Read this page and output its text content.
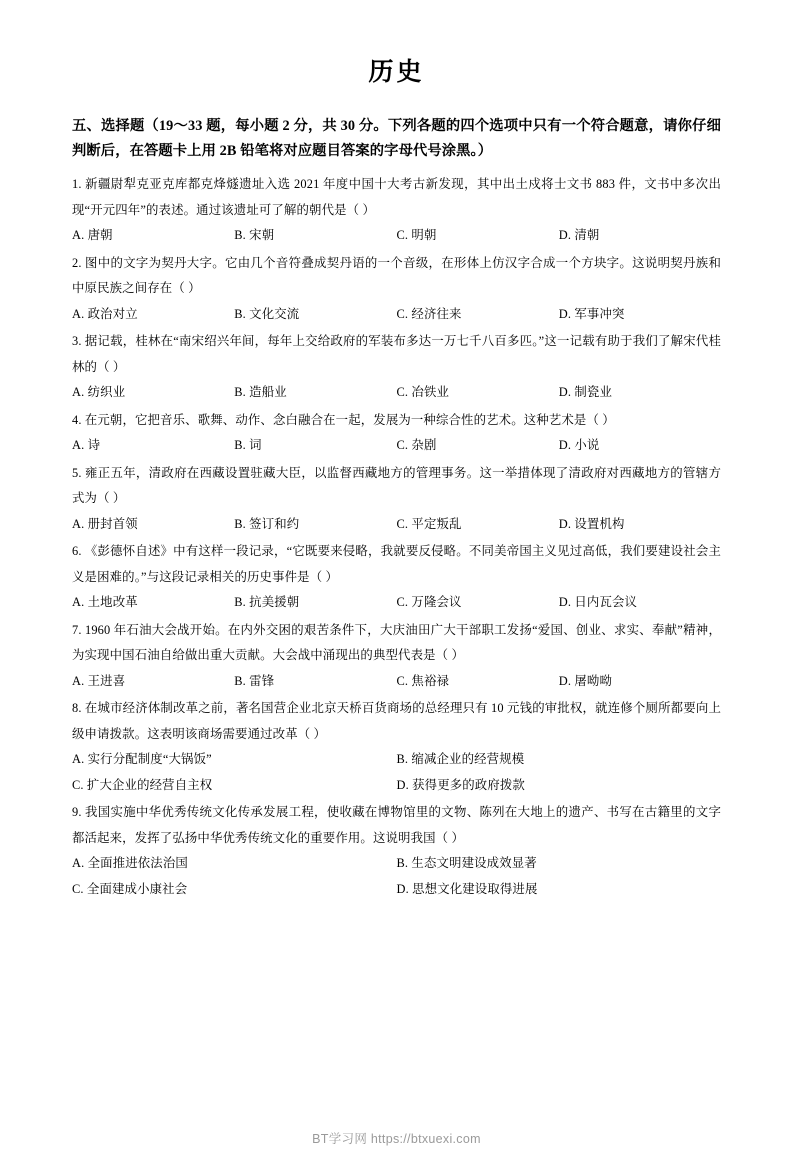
历史
五、选择题（19～33 题，每小题 2 分，共 30 分。下列各题的四个选项中只有一个符合题意，请你仔细判断后，在答题卡上用 2B 铅笔将对应题目答案的字母代号涂黑。）
1. 新疆尉犁克亚克库都克烽燧遗址入选 2021 年度中国十大考古新发现，其中出土戍将士文书 883 件，文书中多次出现“开元四年”的表述。通过该遗址可了解的朝代是（ ）
A. 唐朝	B. 宋朝	C. 明朝	D. 清朝
2. 图中的文字为契丹大字。它由几个音符叠成契丹语的一个音级，在形体上仿汉字合成一个方块字。这说明契丹族和中原民族之间存在（ ）
A. 政治对立	B. 文化交流	C. 经济往来	D. 军事冲突
3. 据记载，桂林在“南宋绍兴年间，每年上交给政府的军装布多达一万七千八百多匹。”这一记载有助于我们了解宋代桂林的（ ）
A. 纺织业	B. 造船业	C. 冶铁业	D. 制瓷业
4. 在元朝，它把音乐、歌舞、动作、念白融合在一起，发展为一种综合性的艺术。这种艺术是（ ）
A. 诗	B. 词	C. 杂剧	D. 小说
5. 雍正五年，清政府在西藏设置驻藏大臣，以监督西藏地方的管理事务。这一举措体现了清政府对西藏地方的管辖方式为（ ）
A. 册封首领	B. 签订和约	C. 平定叛乱	D. 设置机构
6. 《彭德怀自述》中有这样一段记录，“它既要来侵略，我就要反侵略。不同美帝国主义见过高低，我们要建设社会主义是困难的。”与这段记录相关的历史事件是（ ）
A. 土地改革	B. 抗美援朝	C. 万隆会议	D. 日内瓦会议
7. 1960 年石油大会战开始。在内外交困的艰苦条件下，大庆油田广大干部职工发扬“爱国、创业、求实、奉献”精神，为实现中国石油自给做出重大贡献。大会战中涌现出的典型代表是（ ）
A. 王进喜	B. 雷锋	C. 焦裕禄	D. 屠呦呦
8. 在城市经济体制改革之前，著名国营企业北京天桥百货商场的总经理只有 10 元钱的审批权，就连修个厕所都要向上级申请拨款。这表明该商场需要通过改革（ ）
A. 实行分配制度“大锅饭”	B. 缩减企业的经营规模
C. 扩大企业的经营自主权	D. 获得更多的政府拨款
9. 我国实施中华优秀传统文化传承发展工程，使收藏在博物馆里的文物、陈列在大地上的遗产、书写在古籍里的文字都活起来，发挥了弘扬中华优秀传统文化的重要作用。这说明我国（ ）
A. 全面推进依法治国	B. 生态文明建设成效显著
C. 全面建成小康社会	D. 思想文化建设取得进展
BT学习网 https://btxuexi.com
